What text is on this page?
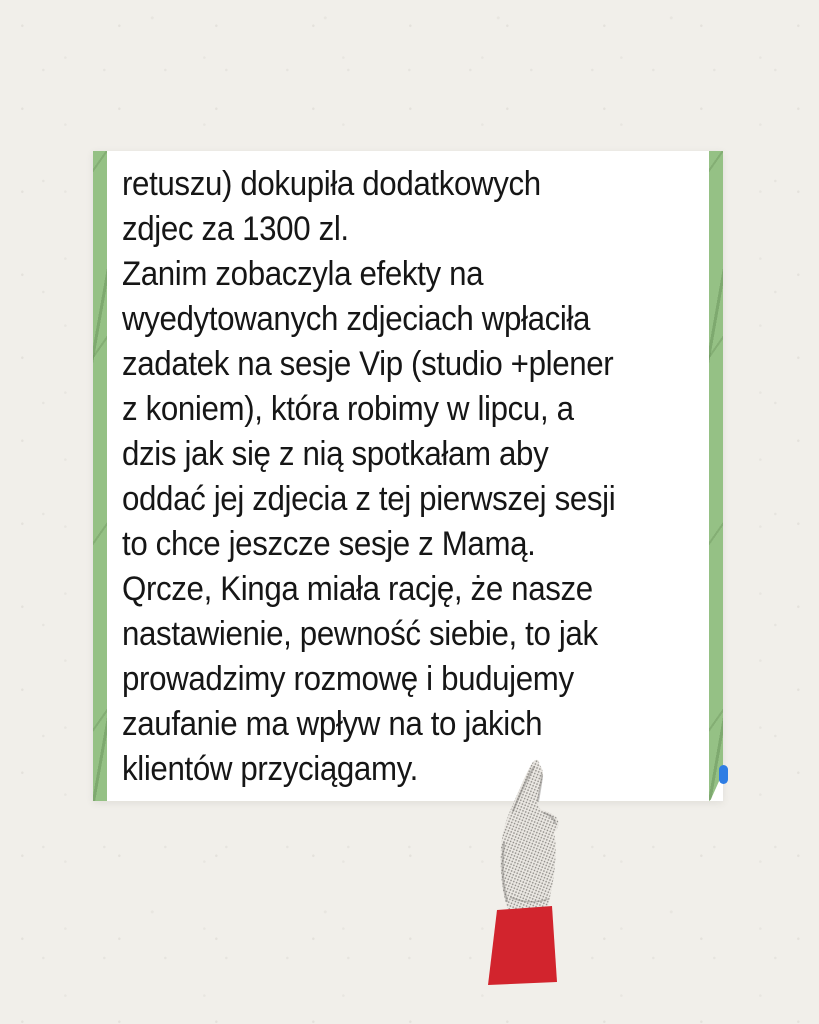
retuszu) dokupiła dodatkowych
zdjec za 1300 zl.
Zanim zobaczyla efekty na
wyedytowanych zdjeciach wpłaciła
zadatek na sesje Vip (studio +plener
z koniem), która robimy w lipcu, a
dzis jak się z nią spotkałam aby
oddać jej zdjecia z tej pierwszej sesji
to chce jeszcze sesje z Mamą.
Qrcze, Kinga miała rację, że nasze
nastawienie, pewność siebie, to jak
prowadzimy rozmowę i budujemy
zaufanie ma wpływ na to jakich
klientów przyciągamy.
